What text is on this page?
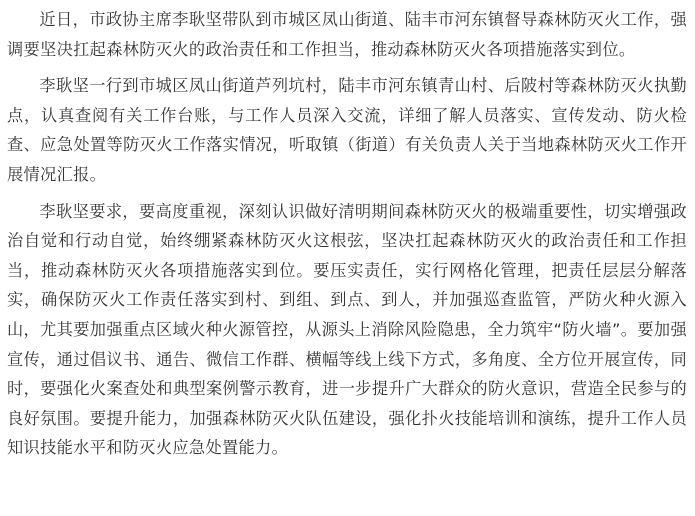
近日，市政协主席李耿坚带队到市城区凤山街道、陆丰市河东镇督导森林防灭火工作，强调要坚决扛起森林防灭火的政治责任和工作担当，推动森林防灭火各项措施落实到位。

李耿坚一行到市城区凤山街道芦列坑村，陆丰市河东镇青山村、后陂村等森林防灭火执勤点，认真查阅有关工作台账，与工作人员深入交流，详细了解人员落实、宣传发动、防火检查、应急处置等防灭火工作落实情况，听取镇（街道）有关负责人关于当地森林防灭火工作开展情况汇报。

李耿坚要求，要高度重视，深刻认识做好清明期间森林防灭火的极端重要性，切实增强政治自觉和行动自觉，始终绷紧森林防灭火这根弦，坚决扛起森林防灭火的政治责任和工作担当，推动森林防灭火各项措施落实到位。要压实责任，实行网格化管理，把责任层层分解落实，确保防灭火工作责任落实到村、到组、到点、到人，并加强巡查监管，严防火种火源入山，尤其要加强重点区域火种火源管控，从源头上消除风险隐患，全力筑牢“防火墙”。要加强宣传，通过倡议书、通告、微信工作群、横幅等线上线下方式，多角度、全方位开展宣传，同时，要强化火案查处和典型案例警示教育，进一步提升广大群众的防火意识，营造全民参与的良好氛围。要提升能力，加强森林防灭火队伍建设，强化扑火技能培训和演练，提升工作人员知识技能水平和防灭火应急处置能力。
